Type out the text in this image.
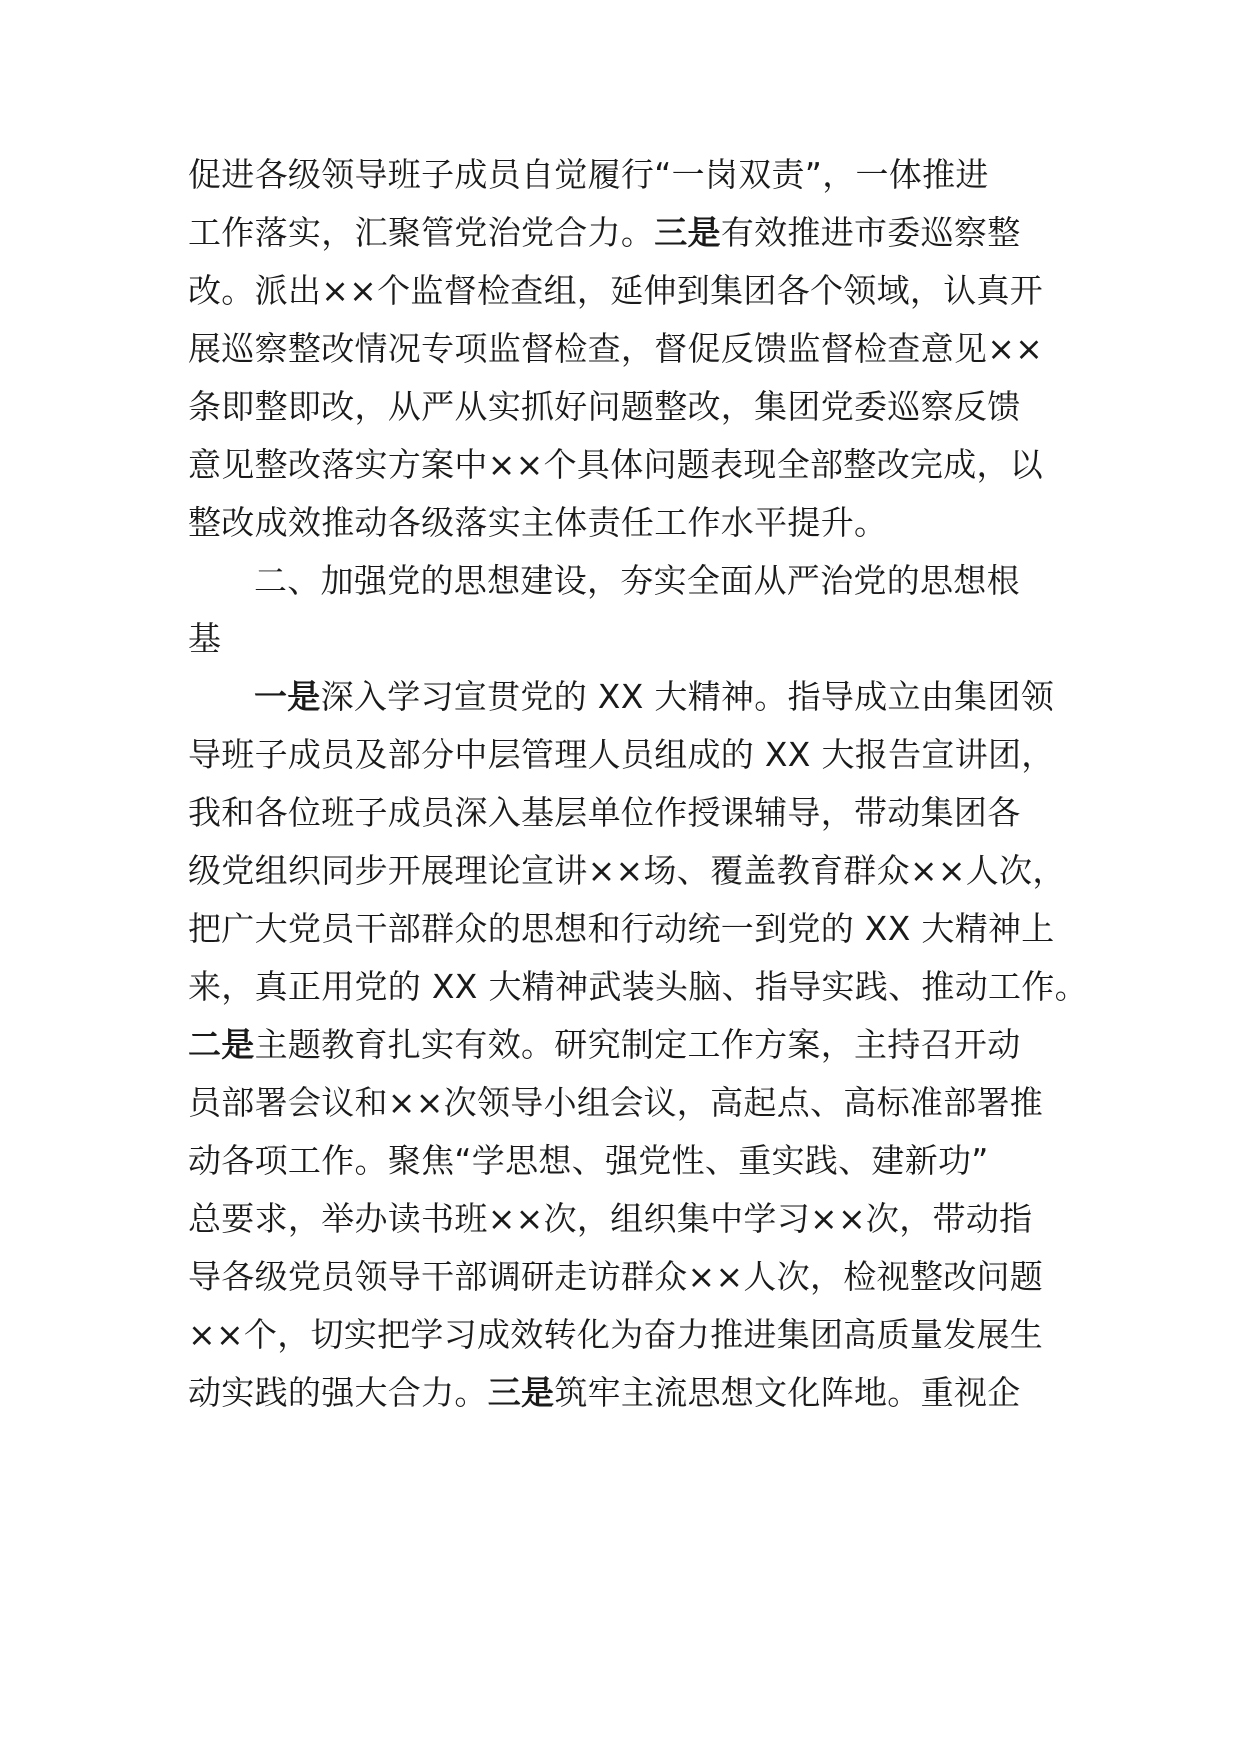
促进各级领导班子成员自觉履行“一岗双责”，一体推进
工作落实，汇聚管党治党合力。三是有效推进市委巡察整
改。派出××个监督检查组，延伸到集团各个领域，认真开
展巡察整改情况专项监督检查，督促反馈监督检查意见××
条即整即改，从严从实抓好问题整改，集团党委巡察反馈
意见整改落实方案中××个具体问题表现全部整改完成，以
整改成效推动各级落实主体责任工作水平提升。
二、加强党的思想建设，夯实全面从严治党的思想根
基
一是深入学习宣贯党的 XX 大精神。指导成立由集团领
导班子成员及部分中层管理人员组成的 XX 大报告宣讲团，
我和各位班子成员深入基层单位作授课辅导，带动集团各
级党组织同步开展理论宣讲××场、覆盖教育群众××人次，
把广大党员干部群众的思想和行动统一到党的 XX 大精神上
来，真正用党的 XX 大精神武装头脑、指导实践、推动工作。
二是主题教育扎实有效。研究制定工作方案，主持召开动
员部署会议和××次领导小组会议，高起点、高标准部署推
动各项工作。聚焦“学思想、强党性、重实践、建新功”
总要求，举办读书班××次，组织集中学习××次，带动指
导各级党员领导干部调研走访群众××人次，检视整改问题
××个，切实把学习成效转化为奋力推进集团高质量发展生
动实践的强大合力。三是筑牢主流思想文化阵地。重视企
